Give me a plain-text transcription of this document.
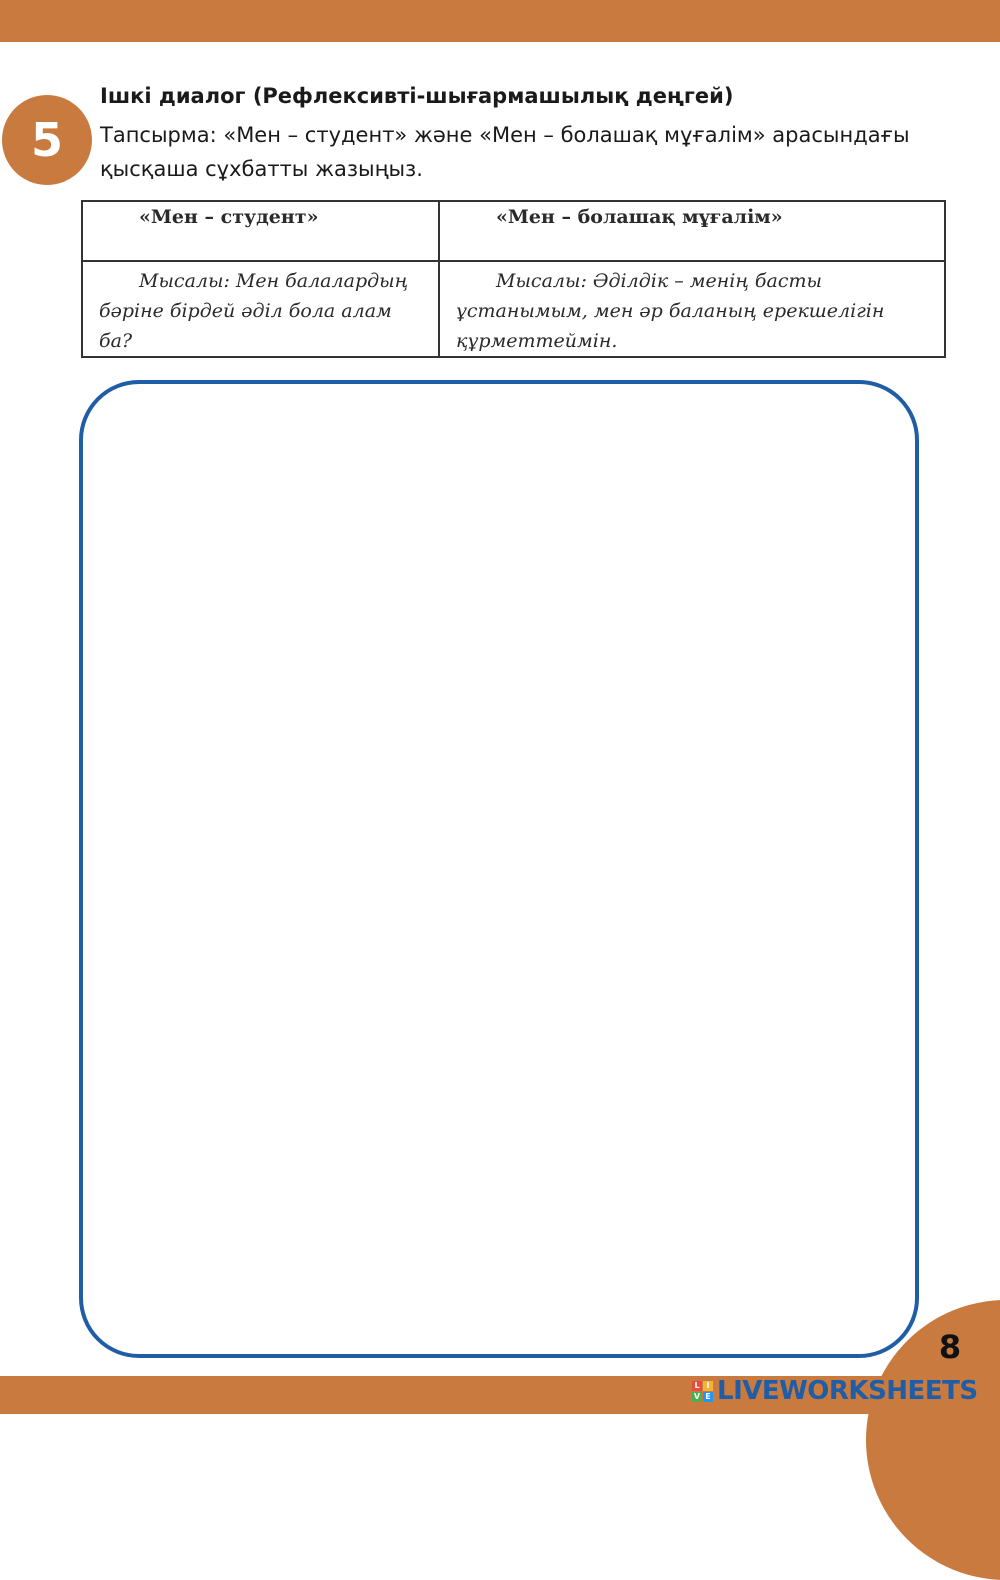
5
Ішкі диалог (Рефлексивті-шығармашылық деңгей)
Тапсырма: «Мен – студент» және «Мен – болашақ мұғалім» арасындағы қысқаша сұхбатты жазыңыз.
«Мен – студент»	«Мен – болашақ мұғалім»
Мысалы: Мен балалардың бәріне бірдей әділ бола алам ба?	Мысалы: Әділдік – менің басты ұстанымым, мен әр баланың ерекшелігін құрметтеймін.
8
L I
V E LIVEWORKSHEETS
